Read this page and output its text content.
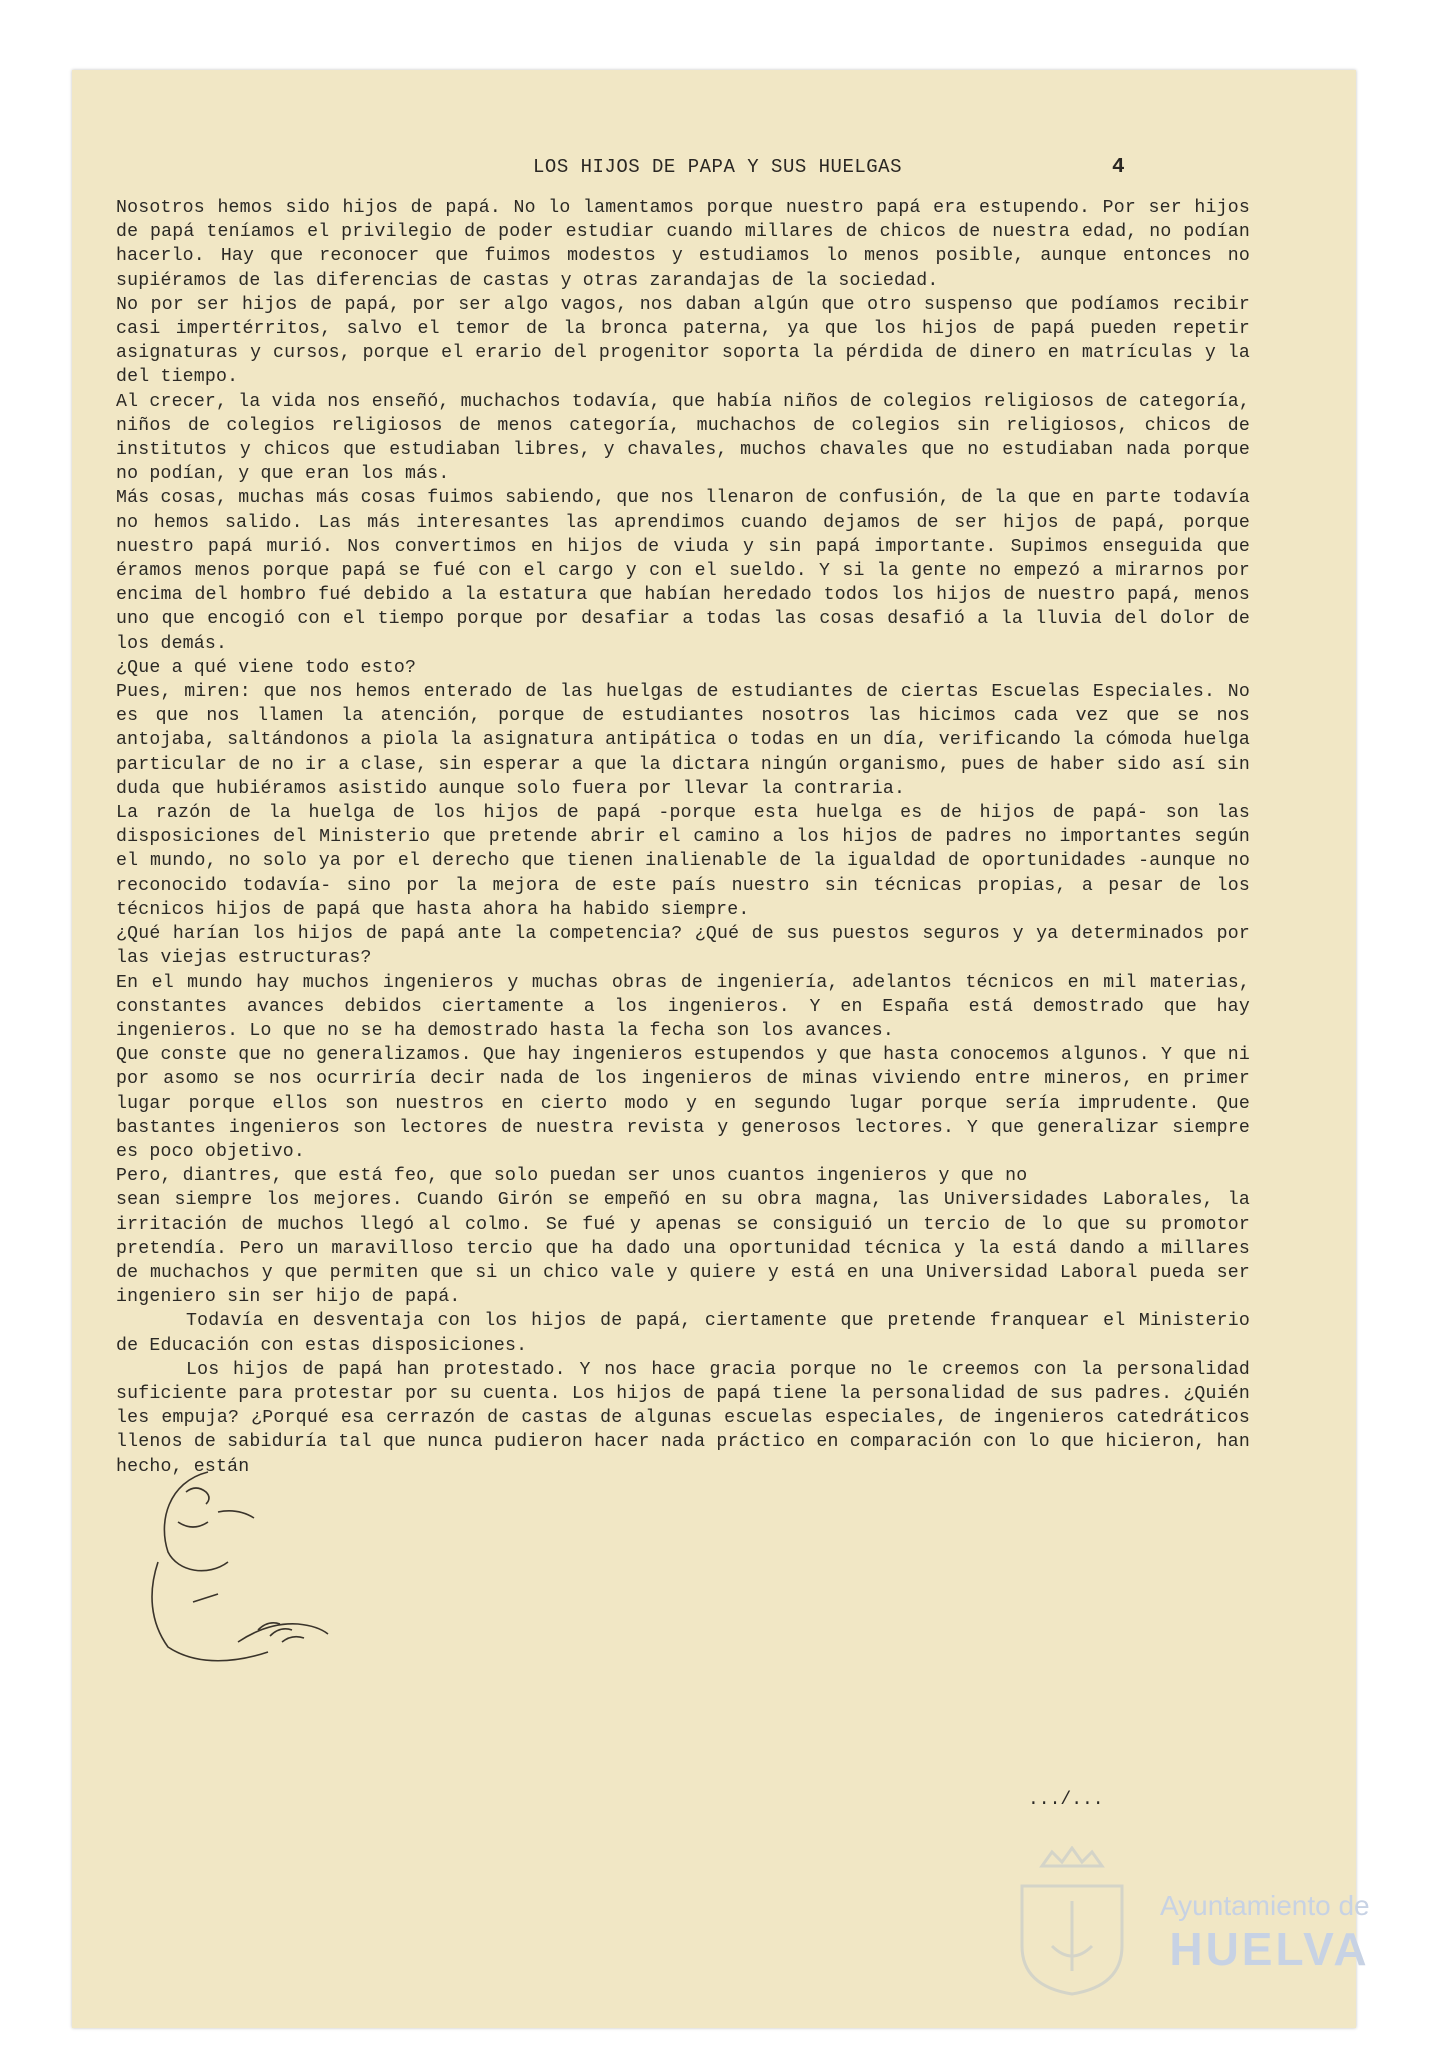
LOS HIJOS DE PAPA Y SUS HUELGAS	4

Nosotros hemos sido hijos de papá. No lo lamentamos porque nuestro papá era estupendo. Por ser hijos de papá teníamos el privilegio de poder estudiar cuando millares de chicos de nuestra edad, no podían hacerlo. Hay que reconocer que fuimos modestos y estudiamos lo menos posible, aunque entonces no supiéramos de las diferencias de castas y otras zarandajas de la sociedad.

No por ser hijos de papá, por ser algo vagos, nos daban algún que otro suspenso que podíamos recibir casi impertérritos, salvo el temor de la bronca paterna, ya que los hijos de papá pueden repetir asignaturas y cursos, porque el erario del progenitor soporta la pérdida de dinero en matrículas y la del tiempo.

Al crecer, la vida nos enseñó, muchachos todavía, que había niños de colegios religiosos de categoría, niños de colegios religiosos de menos categoría, muchachos de colegios sin religiosos, chicos de institutos y chicos que estudiaban libres, y chavales, muchos chavales que no estudiaban nada porque no podían, y que eran los más.

Más cosas, muchas más cosas fuimos sabiendo, que nos llenaron de confusión, de la que en parte todavía no hemos salido. Las más interesantes las aprendimos cuando dejamos de ser hijos de papá, porque nuestro papá murió. Nos convertimos en hijos de viuda y sin papá importante. Supimos enseguida que éramos menos porque papá se fué con el cargo y con el sueldo. Y si la gente no empezó a mirarnos por encima del hombro fué debido a la estatura que habían heredado todos los hijos de nuestro papá, menos uno que encogió con el tiempo porque por desafiar a todas las cosas desafió a la lluvia del dolor de los demás.

¿Que a qué viene todo esto?

Pues, miren: que nos hemos enterado de las huelgas de estudiantes de ciertas Escuelas Especiales. No es que nos llamen la atención, porque de estudiantes nosotros las hicimos cada vez que se nos antojaba, saltándonos a piola la asignatura antipática o todas en un día, verificando la cómoda huelga particular de no ir a clase, sin esperar a que la dictara ningún organismo, pues de haber sido así sin duda que hubiéramos asistido aunque solo fuera por llevar la contraria.

La razón de la huelga de los hijos de papá -porque esta huelga es de hijos de papá- son las disposiciones del Ministerio que pretende abrir el camino a los hijos de padres no importantes según el mundo, no solo ya por el derecho que tienen inalienable de la igualdad de oportunidades -aunque no reconocido todavía- sino por la mejora de este país nuestro sin técnicas propias, a pesar de los técnicos hijos de papá que hasta ahora ha habido siempre.

¿Qué harían los hijos de papá ante la competencia? ¿Qué de sus puestos seguros y ya determinados por las viejas estructuras?

En el mundo hay muchos ingenieros y muchas obras de ingeniería, adelantos técnicos en mil materias, constantes avances debidos ciertamente a los ingenieros. Y en España está demostrado que hay ingenieros. Lo que no se ha demostrado hasta la fecha son los avances.

Que conste que no generalizamos. Que hay ingenieros estupendos y que hasta conocemos algunos. Y que ni por asomo se nos ocurriría decir nada de los ingenieros de minas viviendo entre mineros, en primer lugar porque ellos son nuestros en cierto modo y en segundo lugar porque sería imprudente. Que bastantes ingenieros son lectores de nuestra revista y generosos lectores. Y que generalizar siempre es poco objetivo.

Pero, diantres, que está feo, que solo puedan ser unos cuantos ingenieros y que no

sean siempre los mejores. Cuando Girón se empeñó en su obra magna, las Universidades Laborales, la irritación de muchos llegó al colmo. Se fué y apenas se consiguió un tercio de lo que su promotor pretendía. Pero un maravilloso tercio que ha dado una oportunidad técnica y la está dando a millares de muchachos y que permiten que si un chico vale y quiere y está en una Universidad Laboral pueda ser ingeniero sin ser hijo de papá.

Todavía en desventaja con los hijos de papá, ciertamente que pretende franquear el Ministerio de Educación con estas disposiciones.

Los hijos de papá han protestado. Y nos hace gracia porque no le creemos con la personalidad suficiente para protestar por su cuenta. Los hijos de papá tiene la personalidad de sus padres. ¿Quién les empuja? ¿Porqué esa cerrazón de castas de algunas escuelas especiales, de ingenieros catedráticos llenos de sabiduría tal que nunca pudieron hacer nada práctico en comparación con lo que hicieron, han hecho, están

.../...
Ayuntamiento de
HUELVA
